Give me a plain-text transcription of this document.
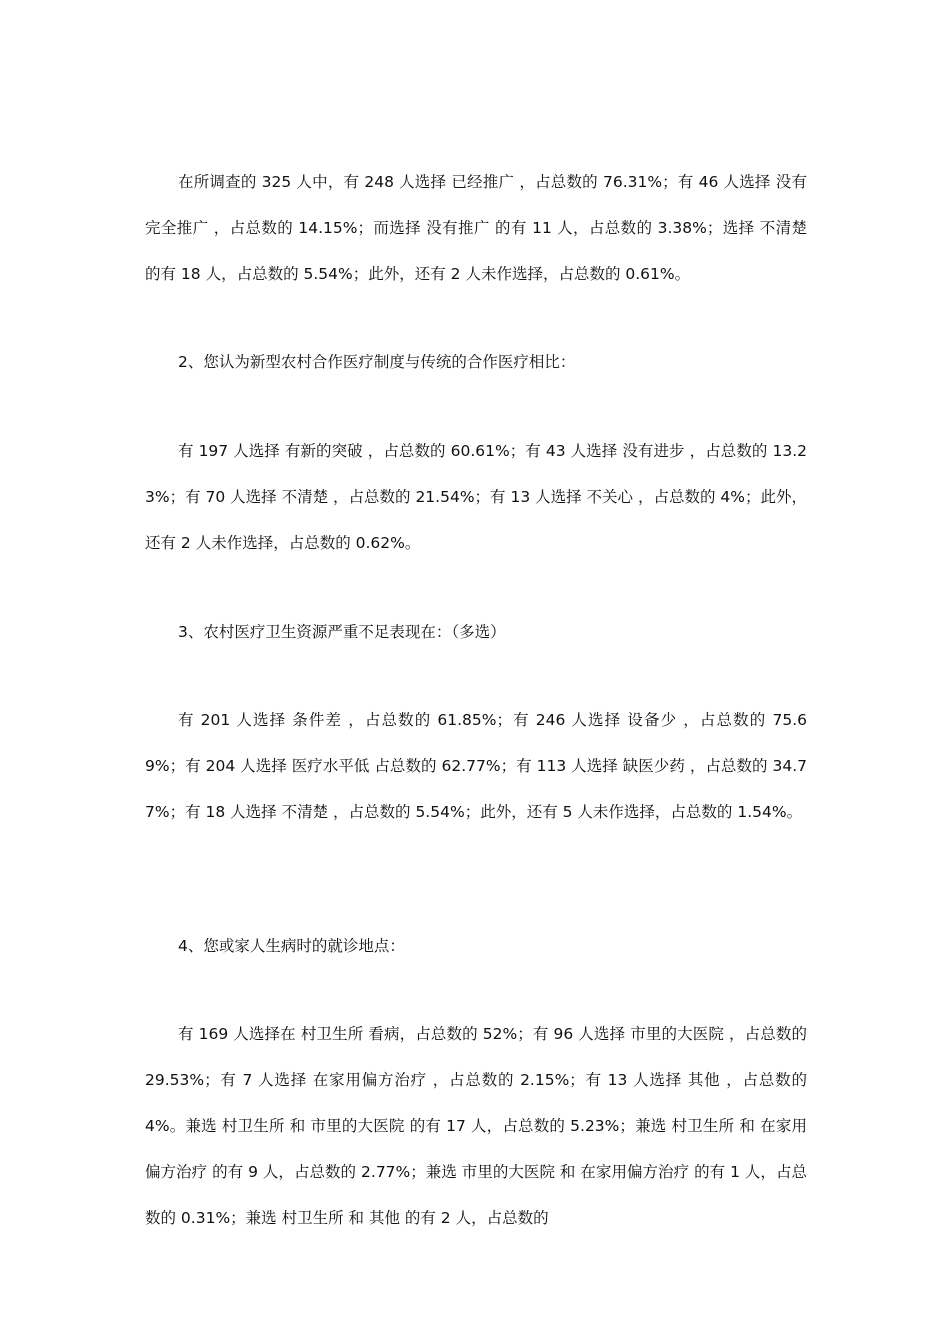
在所调查的 325 人中，有 248 人选择 已经推广 ，占总数的 76.31%；有 46 人选择 没有完全推广 ，占总数的 14.15%；而选择 没有推广 的有 11 人，占总数的 3.38%；选择 不清楚 的有 18 人，占总数的 5.54%；此外，还有 2 人未作选择，占总数的 0.61%。

2、您认为新型农村合作医疗制度与传统的合作医疗相比：

有 197 人选择 有新的突破 ，占总数的 60.61%；有 43 人选择 没有进步 ，占总数的 13.23%；有 70 人选择 不清楚 ，占总数的 21.54%；有 13 人选择 不关心 ，占总数的 4%；此外，还有 2 人未作选择，占总数的 0.62%。

3、农村医疗卫生资源严重不足表现在：（多选）

有 201 人选择 条件差 ，占总数的 61.85%；有 246 人选择 设备少 ，占总数的 75.69%；有 204 人选择 医疗水平低 占总数的 62.77%；有 113 人选择 缺医少药 ，占总数的 34.77%；有 18 人选择 不清楚 ，占总数的 5.54%；此外，还有 5 人未作选择，占总数的 1.54%。

4、您或家人生病时的就诊地点：

有 169 人选择在 村卫生所 看病，占总数的 52%；有 96 人选择 市里的大医院 ，占总数的 29.53%；有 7 人选择 在家用偏方治疗 ，占总数的 2.15%；有 13 人选择 其他 ，占总数的 4%。兼选 村卫生所 和 市里的大医院 的有 17 人，占总数的 5.23%；兼选 村卫生所 和 在家用偏方治疗 的有 9 人，占总数的 2.77%；兼选 市里的大医院 和 在家用偏方治疗 的有 1 人，占总数的 0.31%；兼选 村卫生所 和 其他 的有 2 人，占总数的
